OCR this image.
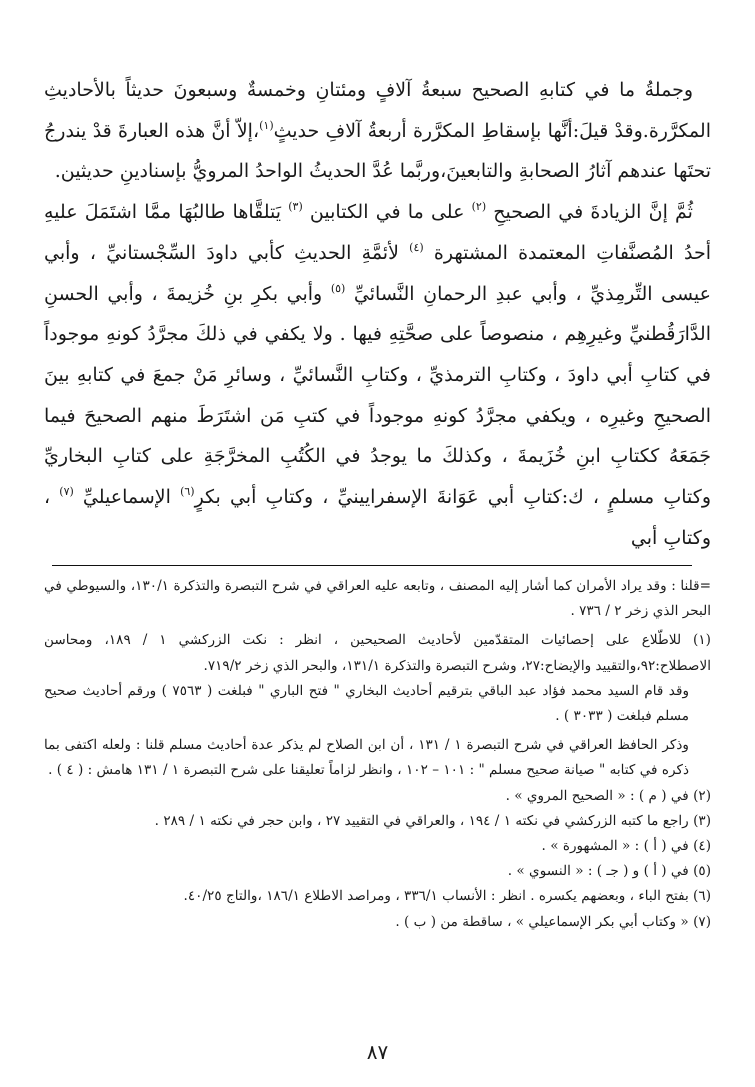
وجملةُ ما في كتابهِ الصحيح سبعةُ آلافٍ ومئتانِ وخمسةٌ وسبعونَ حديثاً بالأحاديثِ المكرَّرة.وقدْ قيلَ:أنَّها بإسقاطِ المكرَّرة أربعةُ آلافِ حديثٍ$^{(١)}$،إلاّ أنَّ هذه العبارةَ قدْ يندرجُ تحتَها عندهم آثارُ الصحابةِ والتابعينَ،وربَّما عُدَّ الحديثُ الواحدُ المرويُّ بإسنادينِ حديثين.

ثُمَّ إنَّ الزيادةَ في الصحيحِ $^{(٢)}$ على ما في الكتابين $^{(٣)}$ يَتلقَّاها طالبُهَا ممَّا اشتَمَلَ عليهِ أحدُ المُصنَّفاتِ المعتمدة المشتهرة $^{(٤)}$ لأئمَّةِ الحديثِ كأبي داودَ السِّجْستانيِّ ، وأبي عيسى التِّرمِذيِّ ، وأبي عبدِ الرحمانِ النَّسائيِّ $^{(٥)}$ وأبي بكرِ بنِ خُزيمةَ ، وأبي الحسنِ الدَّارَقُطنيِّ وغيرِهِم ، منصوصاً على صحَّتِهِ فيها . ولا يكفي في ذلكَ مجرَّدُ كونهِ موجوداً في كتابِ أبي داودَ ، وكتابِ الترمذيِّ ، وكتابِ النَّسائيِّ ، وسائرِ مَنْ جمعَ في كتابهِ بينَ الصحيحِ وغيرِه ، ويكفي مجرَّدُ كونهِ موجوداً في كتبِ مَن اشتَرَطَ منهم الصحيحَ فيما جَمَعَهُ ككتابِ ابنِ خُزَيمةَ ، وكذلكَ ما يوجدُ في الكُتُبِ المخرَّجَةِ على كتابِ البخاريِّ وكتابِ مسلمٍ ، ك:كتابِ أبي عَوَانةَ الإسفرايينيِّ ، وكتابِ أبي بكرٍ$^{(٦)}$ الإسماعيليِّ $^{(٧)}$ ، وكتابِ أبي

=قلنا : وقد يراد الأمران كما أشار إليه المصنف ، وتابعه عليه العراقي في شرح التبصرة والتذكرة ١٣٠/١، والسيوطي في البحر الذي زخر ٢ / ٧٣٦ .

(١) للاطّلاع على إحصائيات المتقدّمين لأحاديث الصحيحين ، انظر : نكت الزركشي ١ / ١٨٩، ومحاسن الاصطلاح:٩٢،والتقييد والإيضاح:٢٧، وشرح التبصرة والتذكرة ١٣١/١، والبحر الذي زخر ٧١٩/٢.

وقد قام السيد محمد فؤاد عبد الباقي بترقيم أحاديث البخاري " فتح الباري " فبلغت ( ٧٥٦٣ ) ورقم أحاديث صحيح مسلم فبلغت ( ٣٠٣٣ ) .

وذكر الحافظ العراقي في شرح التبصرة ١ / ١٣١ ، أن ابن الصلاح لم يذكر عدة أحاديث مسلم قلنا : ولعله اكتفى بما ذكره في كتابه " صيانة صحيح مسلم " : ١٠١ – ١٠٢ ، وانظر لزاماً تعليقنا على شرح التبصرة ١ / ١٣١ هامش : ( ٤ ) .

(٢) في ( م ) : « الصحيح المروي » .

(٣) راجع ما كتبه الزركشي في نكته ١ / ١٩٤ ، والعراقي في التقييد ٢٧ ، وابن حجر في نكته ١ / ٢٨٩ .

(٤) في ( أ ) : « المشهورة » .

(٥) في ( أ ) و ( جـ ) : « النسوي » .

(٦) بفتح الباء ، وبعضهم يكسره . انظر : الأنساب ٣٣٦/١ ، ومراصد الاطلاع ١٨٦/١ ،والتاج ٤٠/٢٥.

(٧) « وكتاب أبي بكر الإسماعيلي » ، ساقطة من ( ب ) .

٨٧
